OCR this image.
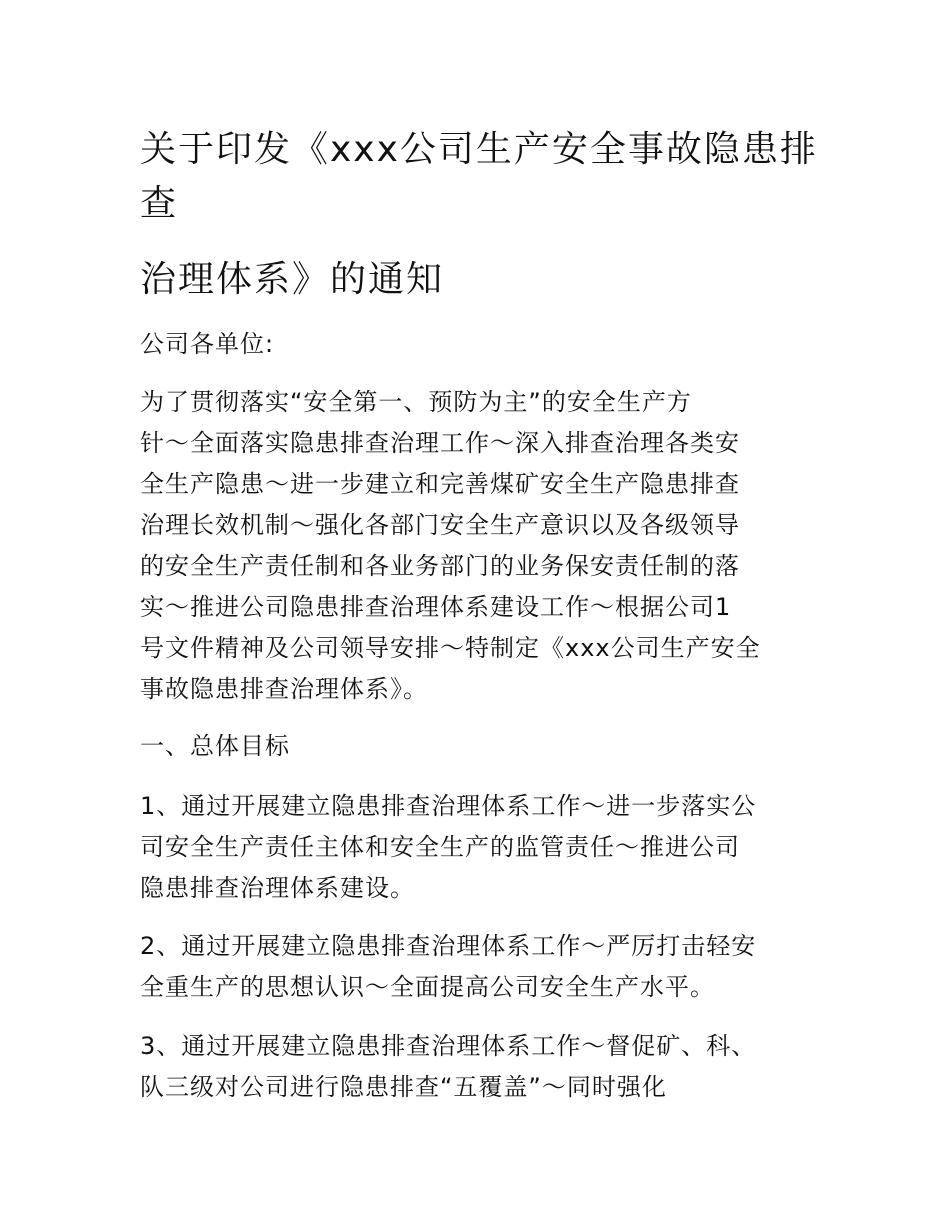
关于印发《xxx公司生产安全事故隐患排
查
治理体系》的通知

公司各单位:

为了贯彻落实“安全第一、预防为主”的安全生产方
针～全面落实隐患排查治理工作～深入排查治理各类安
全生产隐患～进一步建立和完善煤矿安全生产隐患排查
治理长效机制～强化各部门安全生产意识以及各级领导
的安全生产责任制和各业务部门的业务保安责任制的落
实～推进公司隐患排查治理体系建设工作～根据公司1
号文件精神及公司领导安排～特制定《xxx公司生产安全
事故隐患排查治理体系》。

一、总体目标

1、通过开展建立隐患排查治理体系工作～进一步落实公
司安全生产责任主体和安全生产的监管责任～推进公司
隐患排查治理体系建设。

2、通过开展建立隐患排查治理体系工作～严厉打击轻安
全重生产的思想认识～全面提高公司安全生产水平。

3、通过开展建立隐患排查治理体系工作～督促矿、科、
队三级对公司进行隐患排查“五覆盖”～同时强化
